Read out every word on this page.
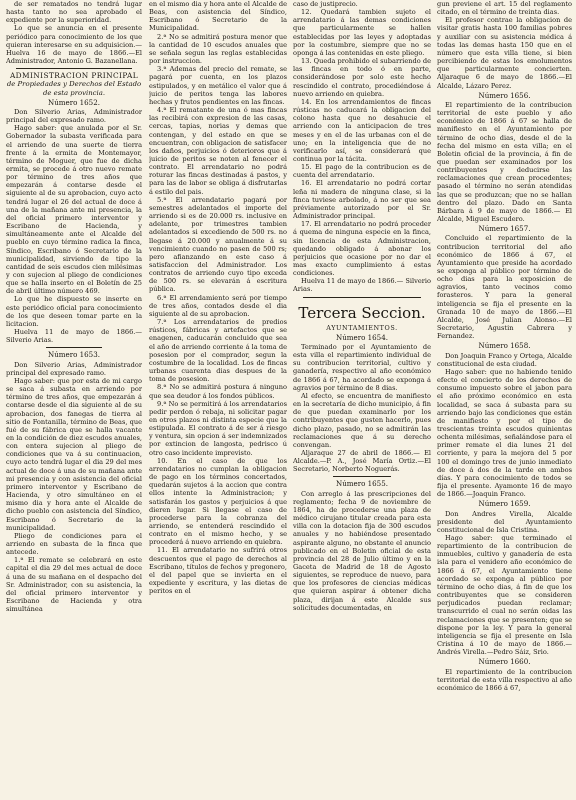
de ser rematados no tendrá lugar hasta tanto no sea aprobado el expediente por la superioridad.

Lo que se anuncia en el presente periódico para conocimiento de los que quieran interesarse en su adquisicion.— Huelva 16 de mayo de 1866.—El Administrador, Antonio G. Bazanellana.

ADMINISTRACION PRINCIPAL

de Propiedades y Derechos del Estado de esta provincia.

Número 1652.

Don Silverio Arias, Administrador principal del expresado ramo.

Hago saber: que anulada por el Sr. Gobernador la subasta verificada para el arriendo de una suerte de tierra frente á la ermita de Montemayor, término de Moguer, que fue de dicha ermita, se procede á otro nuevo remate por término de tres años que empezarán á contarse desde el siguiente al de su aprobacion, cuyo acto tendrá lugar el 26 del actual de doce á una de la mañana ante mi presencia, la del oficial primero interventor y Escribano de Hacienda, y simultáneamente ante el Alcalde del pueblo en cuyo término radica la finca, Síndico, Escribano ó Secretario de la municipalidad, sirviendo de tipo la cantidad de seis escudos cien milésimas y con sujecion al pliego de condiciones que se halla inserto en el Boletín de 25 de abril último número 469.

Lo que he dispuesto se inserte en este periódico oficial para conocimiento de los que deseen tomar parte en la licitacion.

Huelva 11 de mayo de 1866.— Silverio Arias.

Número 1653.

Don Silverio Arias, Administrador principal del expresado ramo.

Hago saber: que por esta de mi cargo se saca á subasta en arriendo por término de tres años, que empezarán á contarse desde el dia siguiente al de su aprobacion, dos fanegas de tierra al sitio de Fontanilla, término de Beas, que fué de su fábrica que se halla vacante en la condición de diez escudos anuales, con entera sujecion al pliego de condiciones que va á su continuacion, cuyo acto tendrá lugar el dia 29 del mes actual de doce á una de su mañana ante mi presencia y con asistencia del oficial primero interventor y Escribano de Hacienda, y otro simultáneo en el mismo dia y hora ante el Alcalde de dicho pueblo con asistencia del Síndico, Escribano ó Secretario de la municipalidad.

Pliego de condiciones para el arriendo en subasta de la finca que antecede.

1.ª El remate se celebrará en este capital el dia 29 del mes actual de doce á una de su mañana en el despacho del Sr. Administrador, con su asistencia, la del oficial primero interventor y Escribano de Hacienda y otra simultánea

en el mismo dia y hora ante el Alcalde de Beas, con asistencia del Síndico, Escribano ó Secretario de la Municipalidad.

2.ª No se admitirá postura menor que la cantidad de 10 escudos anuales que se señala segun las reglas establecidas por instruccion.

3.ª Ademas del precio del remate, se pagará por cuenta, en los plazos estipulados, y en metálico el valor que á juicio de peritos tenga las labores hechas y frutos pendientes en las fincas.

4.ª El rematante de una ó mas fincas las recibirá con expresion de las casas, cercas, tapias, norias y demas que contengan, y del estado en que se encuentran, con obligacion de satisfacer los daños, perjuicios ó deterioros que á juicio de peritos se noten al fenecer el contrato. El arrendatario no podrá roturar las fincas destinadas á pastos, y para las de labor se obliga á disfrutarlas á estilo del pais.

5.ª El arrendatario pagará por semestres adelantados el importe del arriendo si es de 20.000 rs. inclusive en adelante, por trimestres tambien adelantados si excediendo de 500 rs. no llegase á 20.000 y anualmente á su vencimiento cuando no pasen de 500 rs; pero afianzando en este caso á satisfaccion del Administrador. Los contratos de arriendo cuyo tipo exceda de 500 rs. se elevarán á escritura pública.

6.ª El arrendamiento será por tiempo de tres años, contados desde el dia siguiente al de su aprobacion.

7.ª Los arrendatarios de predios rústicos, fábricas y artefactos que se enagenen, caducarán concluido que sea el año de arriendo corriente á la toma de posesion por el comprador, segun la costumbre de la localidad. Los de fincas urbanas cuarenta dias despues de la toma de posesion.

8.ª No se admitirá postura á ninguno que sea deudor á los fondos públicos.

9.ª No se permitirá á los arrendatarios pedir perdon ó rebaja, ni solicitar pagar en otros plazos ni distinta especie que la estipulada. El contrato á de ser á riesgo y ventura, sin opcion á ser indemnizados por extincion de langosta, pedrisco ú otro caso incidente imprevisto.

10. En el caso de que los arrendatarios no cumplan la obligacion de pago en los términos concertados, quedarán sujetos á la accion que contra ellos intente la Administracion; y satisfarán los gastos y perjuicios á que dieren lugar. Si llegase el caso de procederse para la cobranza del arriendo, se entenderá rescindido el contrato en el mismo hecho, y se procederá á nuevo arriendo en quiebra.

11. El arrendatario no sufrirá otros descuentos que el pago de derechos al Escribano, títulos de fechos y pregonero, el del papel que se invierta en el expediente y escritura, y las dietas de peritos en el

caso de justiprecio.

12. Quedará tambien sujeto el arrendatario á las demas condiciones que particularmente se hallen establecidas por las leyes y adoptadas por la costumbre, siempre que no se oponga á las contenidas en este pliego.

13. Queda prohibido el subarriendo de las fincas en todo ó en parte, considerándose por solo este hecho rescindido el contrato, procediéndose á nuevo arriendo en quiebra.

14. En los arrendamientos de fincas rústicas no caducará la obligacion del colono hasta que no desahucie el arriendo con la anticipacion de tres meses y en el de las urbanas con el de uno; en la inteligencia que de no verificarlo así, se considerará que continua por la tácita.

15. El pago de la contribucion es de cuenta del arrendatario.

16. El arrendatario no podrá cortar leña ni madera de ninguna clase, si la finca tuviese arbolado, á no ser que sea préviamente autorizado por el Sr. Administrador principal.

17. El arrendatario no podrá proceder á quema de ninguna especie en la finca, sin licencia de esta Administracion, quedando obligado á abonar los perjuicios que ocasione por no dar el mas exacto cumplimiento á estas condiciones.

Huelva 11 de mayo de 1866.— Silverio Arias.

Tercera Seccion.

AYUNTAMIENTOS.

Número 1654.

Terminado por el Ayuntamiento de esta villa el repartimiento individual de su contribucion territorial, cultivo y ganadería, respectivo al año económico de 1866 á 67, ha acordado se exponga á agravios por término de 8 dias.

Al efecto, se encuentra de manifiesto en la secretaría de dicho municipio, á fin de que puedan examinarlo por los contribuyentes que gusten hacerlo, pues dicho plazo, pasado, no se admitirán las reclamaciones que á su derecho convengan.

Aljaraque 27 de abril de 1866.— El Alcalde.—P. A., José María Ortiz.—El Secretario, Norberto Noguerás.

Número 1655.

Con arreglo á las prescripciones del reglamento; fecha 9 de noviembre de 1864, ha de procederse una plaza de médico cirujano titular creada para esta villa con la dotacion fija de 300 escudos anuales y no habiéndose presentado aspirante alguno, no obstante el anuncio publicado en el Boletin oficial de esta provincia del 28 de Julio último y en la Gaceta de Madrid de 18 de Agosto siguientes, se reproduce de nuevo, para que los profesores de ciencias médicas que quieran aspirar á obtener dicha plaza, dirijan á este Alcalde sus solicitudes documentadas, en

gun previene el art. 15 del reglamento citado, en el término de treinta dias.

El profesor contrae la obligacion de visitar gratis hasta 100 familias pobres y auxiliar con su asistencia médica á todas las demas hasta 150 que en el número que esta villa tiene, si bien percibiendo de estas los emolumentos que particularmente concierten. Aljaraque 6 de mayo de 1866.—El Alcalde, Lázaro Perez.

Número 1656.

El repartimiento de la contribucion territorial de este pueblo y año económico de 1866 á 67 se halla de manifiesto en el Ayuntamiento por término de ocho dias, desde el de la fecha del mismo en esta villa; en el Boletin oficial de la provincia, á fin de que puedan ser examinados por los contribuyentes y deducirse las reclamaciones que crean procedentes; pasado el término no serán atendidas las que se produzcan; que no se hallan dentro del plazo. Dado en Santa Bárbara á 9 de mayo de 1866.— El Alcalde, Miguel Escudero.

Número 1657.

Concluido el repartimiento de la contribucion territorial del año económico de 1866 á 67, el Ayuntamiento que preside ha acordado se exponga al público por término de ocho dias para la exposicion de agravios, tanto vecinos como forasteros. Y para la general inteligencia se fija el presente en la Granada 10 de mayo de 1866.—El Alcalde, José Julian Alonso.—El Secretario, Agustin Cabrera y Fernandez.

Número 1658.

Don Joaquin Franco y Ortega, Alcalde constitucional de esta ciudad.

Hago saber: que no habiendo tenido efecto el concierto de los derechos de consumo impuesto sobre el jabon para el año próximo económico en esta localidad, se saca á subasta para su arriendo bajo las condiciones que están de manifiesto y por el tipo de trescientas treinta escudos quinientas ochenta milésimas, señalándose para el primer remate el dia lunes 21 del corriente, y para la mejora del 5 por 100 el domingo tres de junio inmediato de doce á dos de la tarde en ambos días. Y para conocimiento de todos se fija el presente. Ayamonte 16 de mayo de 1866.—Joaquin Franco.

Número 1659.

Don Andres Virella, Alcalde presidente del Ayuntamiento constitucional de Isla Cristina.

Hago saber: que terminado el repartimiento de la contribucion de inmuebles, cultivo y ganadería de esta isla para el venidero año económico de 1866 á 67, el Ayuntamiento tiene acordado se exponga al público por término de ocho dias, á fin de que los contribuyentes que se consideren perjudicados puedan reclamar; transcurrido el cual no serán oidas las reclamaciones que se presenten; que se dispone por la ley. Y para la general inteligencia se fija el presente en Isla Cristina á 10 de mayo de 1866.— Andrés Virella.—Pedro Sáiz, Srio.

Número 1660.

El repartimiento de la contribucion territorial de esta villa respectivo al año económico de 1866 á 67,
